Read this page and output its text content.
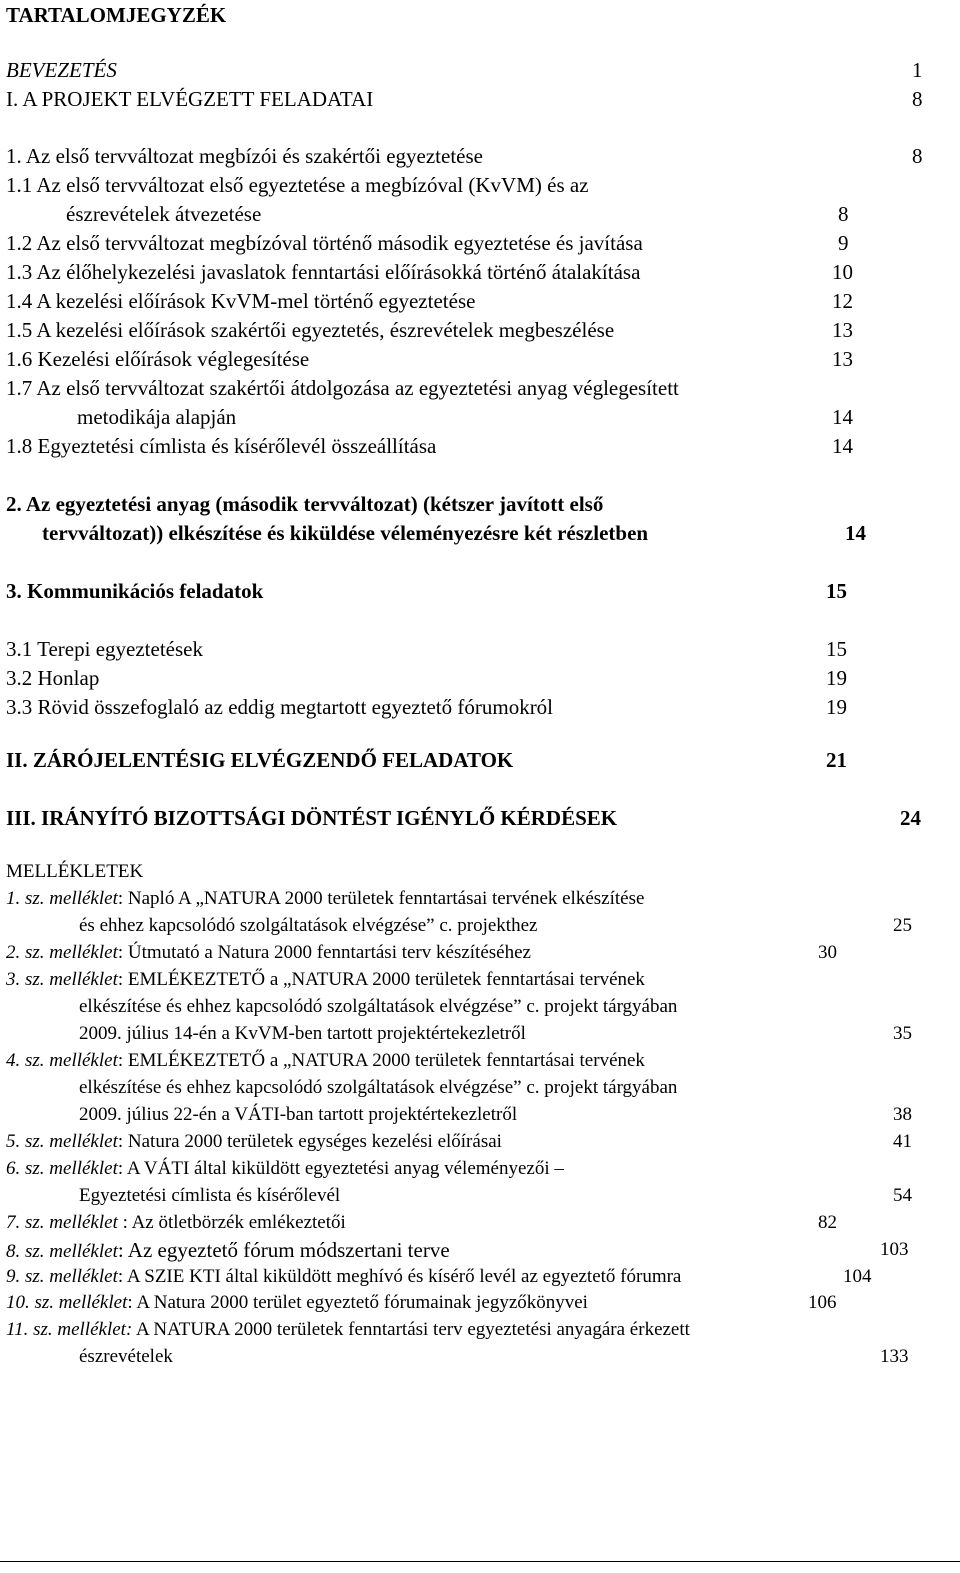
TARTALOMJEGYZÉK
BEVEZETÉS	1
I. A PROJEKT ELVÉGZETT FELADATAI	8
1. Az első tervváltozat megbízói és szakértői egyeztetése	8
1.1 Az első tervváltozat első egyeztetése a megbízóval (KvVM) és az
észrevételek átvezetése	8
1.2 Az első tervváltozat megbízóval történő második egyeztetése és javítása	9
1.3 Az élőhelykezelési javaslatok fenntartási előírásokká történő átalakítása	10
1.4 A kezelési előírások KvVM-mel történő egyeztetése	12
1.5 A kezelési előírások szakértői egyeztetés, észrevételek megbeszélése	13
1.6 Kezelési előírások véglegesítése	13
1.7 Az első tervváltozat szakértői átdolgozása az egyeztetési anyag véglegesített
metodikája alapján	14
1.8 Egyeztetési címlista és kísérőlevél összeállítása	14
2. Az egyeztetési anyag (második tervváltozat) (kétszer javított első
tervváltozat)) elkészítése és kiküldése véleményezésre két részletben	14
3. Kommunikációs feladatok	15
3.1 Terepi egyeztetések	15
3.2 Honlap	19
3.3 Rövid összefoglaló az eddig megtartott egyeztető fórumokról	19
II. ZÁRÓJELENTÉSIG ELVÉGZENDŐ FELADATOK	21
III. IRÁNYÍTÓ BIZOTTSÁGI DÖNTÉST IGÉNYLŐ KÉRDÉSEK	24
MELLÉKLETEK
1. sz. melléklet: Napló A „NATURA 2000 területek fenntartásai tervének elkészítése
és ehhez kapcsolódó szolgáltatások elvégzése” c. projekthez	25
2. sz. melléklet: Útmutató a Natura 2000 fenntartási terv készítéséhez	30
3. sz. melléklet: EMLÉKEZTETŐ a „NATURA 2000 területek fenntartásai tervének
elkészítése és ehhez kapcsolódó szolgáltatások elvégzése” c. projekt tárgyában
2009. július 14-én a KvVM-ben tartott projektértekezletről	35
4. sz. melléklet: EMLÉKEZTETŐ a „NATURA 2000 területek fenntartásai tervének
elkészítése és ehhez kapcsolódó szolgáltatások elvégzése” c. projekt tárgyában
2009. július 22-én a VÁTI-ban tartott projektértekezletről	38
5. sz. melléklet: Natura 2000 területek egységes kezelési előírásai	41
6. sz. melléklet: A VÁTI által kiküldött egyeztetési anyag véleményezői –
Egyeztetési címlista és kísérőlevél	54
7. sz. melléklet : Az ötletbörzék emlékeztetői	82
8. sz. melléklet: Az egyeztető fórum módszertani terve	103
9. sz. melléklet: A SZIE KTI által kiküldött meghívó és kísérő levél az egyeztető fórumra	104
10. sz. melléklet: A Natura 2000 terület egyeztető fórumainak jegyzőkönyvei	106
11. sz. melléklet: A NATURA 2000 területek fenntartási terv egyeztetési anyagára érkezett
észrevételek	133
